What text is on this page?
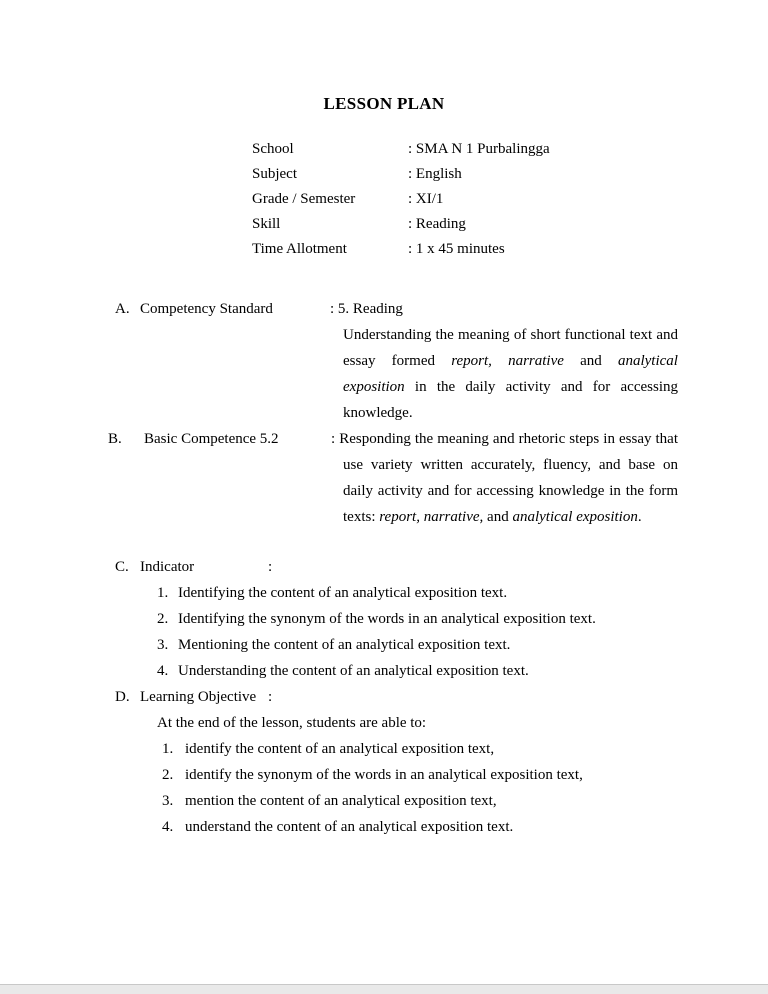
LESSON PLAN
School	: SMA N 1 Purbalingga
Subject	: English
Grade / Semester	: XI/1
Skill	: Reading
Time Allotment	: 1 x 45 minutes
A. Competency Standard	: 5. Reading
Understanding the meaning of short functional text and essay formed report, narrative and analytical exposition in the daily activity and for accessing knowledge.
B. Basic Competence 5.2	: Responding the meaning and rhetoric steps in essay that use variety written accurately, fluency, and base on daily activity and for accessing knowledge in the form texts: report, narrative, and analytical exposition.
C. Indicator	:
1. Identifying the content of an analytical exposition text.
2. Identifying the synonym of the words in an analytical exposition text.
3. Mentioning the content of an analytical exposition text.
4. Understanding the content of an analytical exposition text.
D. Learning Objective :
At the end of the lesson, students are able to:
1. identify the content of an analytical exposition text,
2. identify the synonym of the words in an analytical exposition text,
3. mention the content of an analytical exposition text,
4. understand the content of an analytical exposition text.
